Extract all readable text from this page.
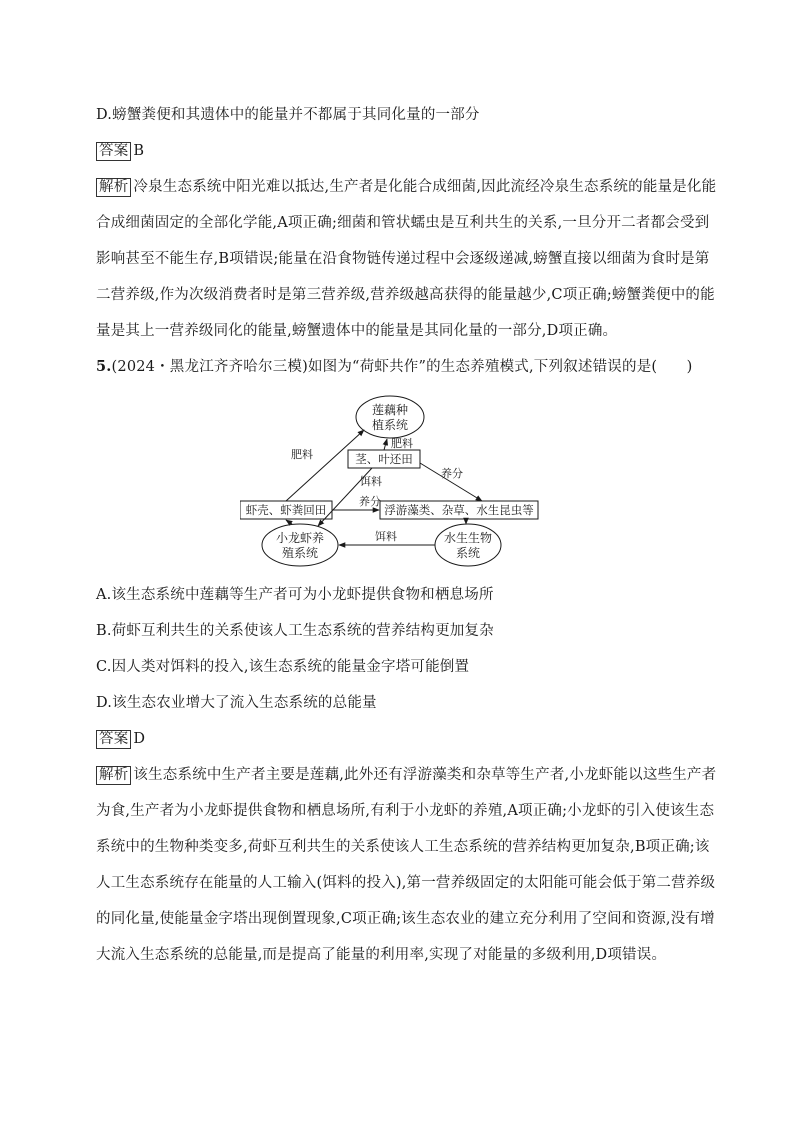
D.螃蟹粪便和其遗体中的能量并不都属于其同化量的一部分
答案 B
解析 冷泉生态系统中阳光难以抵达,生产者是化能合成细菌,因此流经冷泉生态系统的能量是化能
合成细菌固定的全部化学能,A项正确;细菌和管状蠕虫是互利共生的关系,一旦分开二者都会受到
影响甚至不能生存,B项错误;能量在沿食物链传递过程中会逐级递减,螃蟹直接以细菌为食时是第
二营养级,作为次级消费者时是第三营养级,营养级越高获得的能量越少,C项正确;螃蟹粪便中的能
量是其上一营养级同化的能量,螃蟹遗体中的能量是其同化量的一部分,D项正确。
5.(2024・黑龙江齐齐哈尔三模)如图为“荷虾共作”的生态养殖模式,下列叙述错误的是(　　)
A.该生态系统中莲藕等生产者可为小龙虾提供食物和栖息场所
B.荷虾互利共生的关系使该人工生态系统的营养结构更加复杂
C.因人类对饵料的投入,该生态系统的能量金字塔可能倒置
D.该生态农业增大了流入生态系统的总能量
答案 D
解析 该生态系统中生产者主要是莲藕,此外还有浮游藻类和杂草等生产者,小龙虾能以这些生产者
为食,生产者为小龙虾提供食物和栖息场所,有利于小龙虾的养殖,A项正确;小龙虾的引入使该生态
系统中的生物种类变多,荷虾互利共生的关系使该人工生态系统的营养结构更加复杂,B项正确;该
人工生态系统存在能量的人工输入(饵料的投入),第一营养级固定的太阳能可能会低于第二营养级
的同化量,使能量金字塔出现倒置现象,C项正确;该生态农业的建立充分利用了空间和资源,没有增
大流入生态系统的总能量,而是提高了能量的利用率,实现了对能量的多级利用,D项错误。
莲藕种
植系统
茎、叶还田
虾壳、虾粪回田	浮游藻类、杂草、水生昆虫等
小龙虾养
殖系统
水生生物
系统
肥料
肥料
饵料
养分
养分
饵料
